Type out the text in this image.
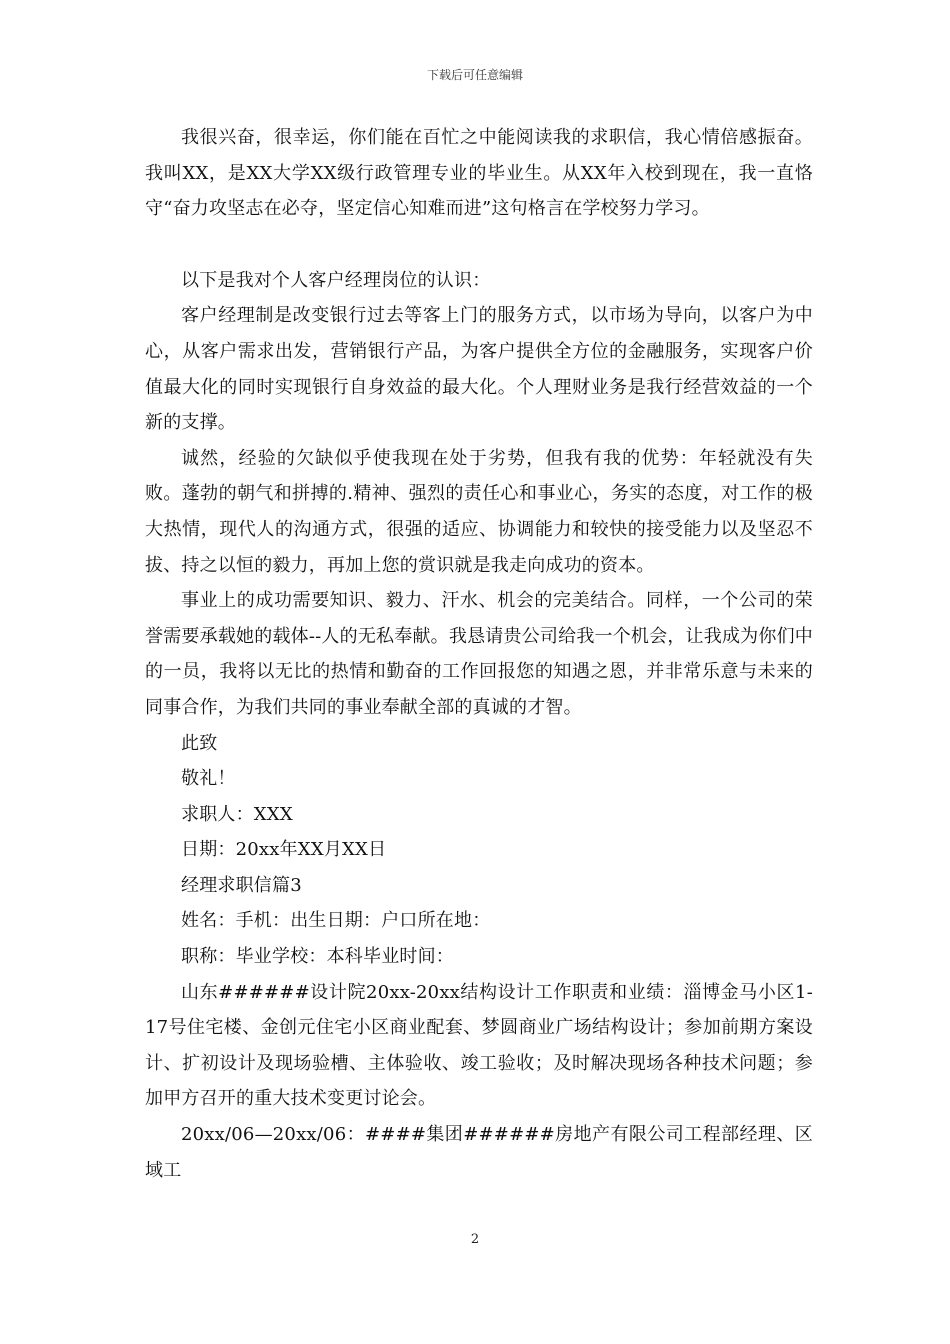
下载后可任意编辑

我很兴奋，很幸运，你们能在百忙之中能阅读我的求职信，我心情倍感振奋。我叫XX，是XX大学XX级行政管理专业的毕业生。从XX年入校到现在，我一直恪守“奋力攻坚志在必夺，坚定信心知难而进”这句格言在学校努力学习。

以下是我对个人客户经理岗位的认识：

客户经理制是改变银行过去等客上门的服务方式，以市场为导向，以客户为中心，从客户需求出发，营销银行产品，为客户提供全方位的金融服务，实现客户价值最大化的同时实现银行自身效益的最大化。个人理财业务是我行经营效益的一个新的支撑。

诚然，经验的欠缺似乎使我现在处于劣势，但我有我的优势：年轻就没有失败。蓬勃的朝气和拼搏的.精神、强烈的责任心和事业心，务实的态度，对工作的极大热情，现代人的沟通方式，很强的适应、协调能力和较快的接受能力以及坚忍不拔、持之以恒的毅力，再加上您的赏识就是我走向成功的资本。

事业上的成功需要知识、毅力、汗水、机会的完美结合。同样，一个公司的荣誉需要承载她的载体--人的无私奉献。我恳请贵公司给我一个机会，让我成为你们中的一员，我将以无比的热情和勤奋的工作回报您的知遇之恩，并非常乐意与未来的同事合作，为我们共同的事业奉献全部的真诚的才智。

此致

敬礼！

求职人：XXX

日期：20xx年XX月XX日

经理求职信篇3

姓名：手机：出生日期：户口所在地：

职称：毕业学校：本科毕业时间：

山东######设计院20xx-20xx结构设计工作职责和业绩：淄博金马小区1-17号住宅楼、金创元住宅小区商业配套、梦圆商业广场结构设计；参加前期方案设计、扩初设计及现场验槽、主体验收、竣工验收；及时解决现场各种技术问题；参加甲方召开的重大技术变更讨论会。

20xx/06—20xx/06：####集团######房地产有限公司工程部经理、区域工

2
